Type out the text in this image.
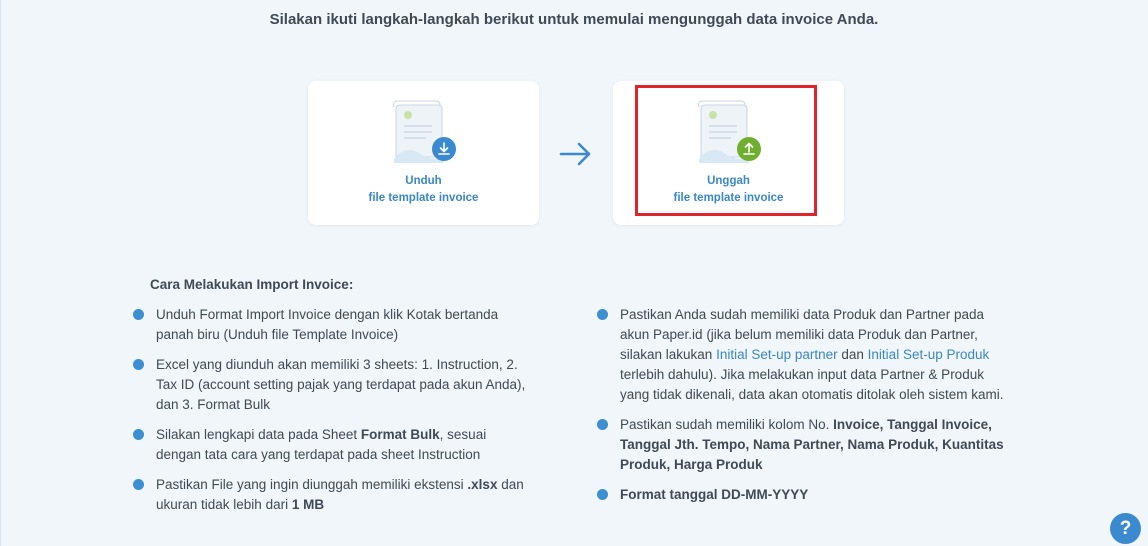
Silakan ikuti langkah-langkah berikut untuk memulai mengunggah data invoice Anda.
Unduh
file template invoice
Unggah
file template invoice
Cara Melakukan Import Invoice:
Unduh Format Import Invoice dengan klik Kotak bertanda panah biru (Unduh file Template Invoice)
Excel yang diunduh akan memiliki 3 sheets: 1. Instruction, 2. Tax ID (account setting pajak yang terdapat pada akun Anda), dan 3. Format Bulk
Silakan lengkapi data pada Sheet Format Bulk, sesuai dengan tata cara yang terdapat pada sheet Instruction
Pastikan File yang ingin diunggah memiliki ekstensi .xlsx dan ukuran tidak lebih dari 1 MB
Pastikan Anda sudah memiliki data Produk dan Partner pada akun Paper.id (jika belum memiliki data Produk dan Partner, silakan lakukan Initial Set-up partner dan Initial Set-up Produk terlebih dahulu). Jika melakukan input data Partner & Produk yang tidak dikenali, data akan otomatis ditolak oleh sistem kami.
Pastikan sudah memiliki kolom No. Invoice, Tanggal Invoice, Tanggal Jth. Tempo, Nama Partner, Nama Produk, Kuantitas Produk, Harga Produk
Format tanggal DD-MM-YYYY
?
